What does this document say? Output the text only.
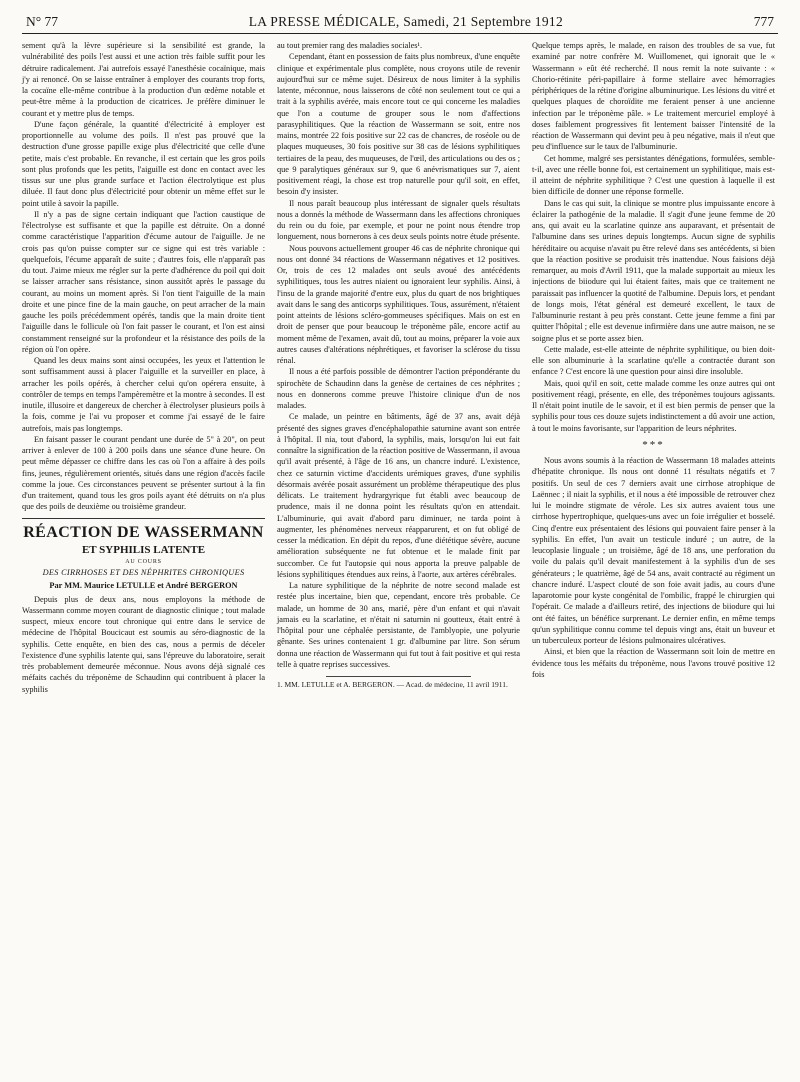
N° 77	LA PRESSE MÉDICALE, Samedi, 21 Septembre 1912	777

sement qu'à la lèvre supérieure si la sensibilité est grande, la vulnérabilité des poils l'est aussi et une action très faible suffit pour les détruire radicalement. J'ai autrefois essayé l'anesthésie cocaïnique, mais j'y ai renoncé. On se laisse entraîner à employer des courants trop forts, la cocaïne elle-même contribue à la production d'un œdème notable et peut-être même à la production de cicatrices. Je préfère diminuer le courant et y mettre plus de temps.

D'une façon générale, la quantité d'électricité à employer est proportionnelle au volume des poils. Il n'est pas prouvé que la destruction d'une grosse papille exige plus d'électricité que celle d'une petite, mais c'est probable. En revanche, il est certain que les gros poils sont plus profonds que les petits, l'aiguille est donc en contact avec les tissus sur une plus grande surface et l'action électrolytique est plus diluée. Il faut donc plus d'électricité pour obtenir un même effet sur le point utile à savoir la papille.

Il n'y a pas de signe certain indiquant que l'action caustique de l'électrolyse est suffisante et que la papille est détruite. On a donné comme caractéristique l'apparition d'écume autour de l'aiguille. Je ne crois pas qu'on puisse compter sur ce signe qui est très variable : quelquefois, l'écume apparaît de suite ; d'autres fois, elle n'apparaît pas du tout. J'aime mieux me régler sur la perte d'adhérence du poil qui doit se laisser arracher sans résistance, sinon aussitôt après le passage du courant, au moins un moment après. Si l'on tient l'aiguille de la main droite et une pince fine de la main gauche, on peut arracher de la main gauche les poils précédemment opérés, tandis que la main droite tient l'aiguille dans le follicule où l'on fait passer le courant, et l'on est ainsi constamment renseigné sur la profondeur et la résistance des poils de la région où l'on opère.

Quand les deux mains sont ainsi occupées, les yeux et l'attention le sont suffisamment aussi à placer l'aiguille et la surveiller en place, à arracher les poils opérés, à chercher celui qu'on opérera ensuite, à contrôler de temps en temps l'ampèremètre et la montre à secondes. Il est inutile, illusoire et dangereux de chercher à électrolyser plusieurs poils à la fois, comme je l'ai vu proposer et comme j'ai essayé de le faire autrefois, mais pas longtemps.

En faisant passer le courant pendant une durée de 5" à 20", on peut arriver à enlever de 100 à 200 poils dans une séance d'une heure. On peut même dépasser ce chiffre dans les cas où l'on a affaire à des poils fins, jeunes, régulièrement orientés, situés dans une région d'accès facile comme la joue. Ces circonstances peuvent se présenter surtout à la fin d'un traitement, quand tous les gros poils ayant été détruits on n'a plus que des poils de deuxième ou troisième grandeur.

RÉACTION DE WASSERMANN
ET SYPHILIS LATENTE
AU COURS
DES CIRRHOSES ET DES NÉPHRITES CHRONIQUES
Par MM. Maurice LETULLE et André BERGERON

Depuis plus de deux ans, nous employons la méthode de Wassermann comme moyen courant de diagnostic clinique ; tout malade suspect, mieux encore tout chronique qui entre dans le service de médecine de l'hôpital Boucicaut est soumis au séro-diagnostic de la syphilis. Cette enquête, en bien des cas, nous a permis de déceler l'existence d'une syphilis latente qui, sans l'épreuve du laboratoire, serait très probablement demeurée méconnue. Nous avons déjà signalé ces méfaits cachés du tréponème de Schaudinn qui contribuent à placer la syphilis

au tout premier rang des maladies sociales¹.

Cependant, étant en possession de faits plus nombreux, d'une enquête clinique et expérimentale plus complète, nous croyons utile de revenir aujourd'hui sur ce même sujet. Désireux de nous limiter à la syphilis latente, méconnue, nous laisserons de côté non seulement tout ce qui a trait à la syphilis avérée, mais encore tout ce qui concerne les maladies que l'on a coutume de grouper sous le nom d'affections parasyphilitiques. Que la réaction de Wassermann se soit, entre nos mains, montrée 22 fois positive sur 22 cas de chancres, de roséole ou de plaques muqueuses, 30 fois positive sur 38 cas de lésions syphilitiques tertiaires de la peau, des muqueuses, de l'œil, des articulations ou des os ; que 9 paralytiques généraux sur 9, que 6 anévrismatiques sur 7, aient positivement réagi, la chose est trop naturelle pour qu'il soit, en effet, besoin d'y insister.

Il nous paraît beaucoup plus intéressant de signaler quels résultats nous a donnés la méthode de Wassermann dans les affections chroniques du rein ou du foie, par exemple, et pour ne point nous étendre trop longuement, nous bornerons à ces deux seuls points notre étude présente.

Nous pouvons actuellement grouper 46 cas de néphrite chronique qui nous ont donné 34 réactions de Wassermann négatives et 12 positives. Or, trois de ces 12 malades ont seuls avoué des antécédents syphilitiques, tous les autres niaient ou ignoraient leur syphilis. Ainsi, à l'insu de la grande majorité d'entre eux, plus du quart de nos brightiques avait dans le sang des anticorps syphilitiques. Tous, assurément, n'étaient point atteints de lésions scléro-gommeuses spécifiques. Mais on est en droit de penser que pour beaucoup le tréponème pâle, encore actif au moment même de l'examen, avait dû, tout au moins, préparer la voie aux autres causes d'altérations néphrétiques, et favoriser la sclérose du tissu rénal.

Il nous a été parfois possible de démontrer l'action prépondérante du spirochète de Schaudinn dans la genèse de certaines de ces néphrites ; nous en donnerons comme preuve l'histoire clinique d'un de nos malades.

Ce malade, un peintre en bâtiments, âgé de 37 ans, avait déjà présenté des signes graves d'encéphalopathie saturnine avant son entrée à l'hôpital. Il nia, tout d'abord, la syphilis, mais, lorsqu'on lui eut fait connaître la signification de la réaction positive de Wassermann, il avoua qu'il avait présenté, à l'âge de 16 ans, un chancre induré. L'existence, chez ce saturnin victime d'accidents urémiques graves, d'une syphilis désormais avérée posait assurément un problème thérapeutique des plus délicats. Le traitement hydrargyrique fut établi avec beaucoup de prudence, mais il ne donna point les résultats qu'on en attendait. L'albuminurie, qui avait d'abord paru diminuer, ne tarda point à augmenter, les phénomènes nerveux réapparurent, et on fut obligé de cesser la médication. En dépit du repos, d'une diététique sévère, aucune amélioration subséquente ne fut obtenue et le malade finit par succomber. Ce fut l'autopsie qui nous apporta la preuve palpable de lésions syphilitiques étendues aux reins, à l'aorte, aux artères cérébrales.

La nature syphilitique de la néphrite de notre second malade est restée plus incertaine, bien que, cependant, encore très probable. Ce malade, un homme de 30 ans, marié, père d'un enfant et qui n'avait jamais eu la scarlatine, et n'était ni saturnin ni goutteux, était entré à l'hôpital pour une céphalée persistante, de l'amblyopie, une polyurie gênante. Ses urines contenaient 1 gr. d'albumine par litre. Son sérum donna une réaction de Wassermann qui fut tout à fait positive et qui resta telle à quatre reprises successives.

1. MM. LETULLE et A. BERGERON. — Acad. de médecine, 11 avril 1911.

Quelque temps après, le malade, en raison des troubles de sa vue, fut examiné par notre confrère M. Wuillomenet, qui ignorait que le « Wassermann » eût été recherché. Il nous remit la note suivante : « Chorio-rétinite péri-papillaire à forme stellaire avec hémorragies périphériques de la rétine d'origine albuminurique. Les lésions du vitré et quelques plaques de choroïdite me feraient penser à une ancienne infection par le tréponème pâle. » Le traitement mercuriel employé à doses faiblement progressives fit lentement baisser l'intensité de la réaction de Wassermann qui devint peu à peu négative, mais il n'eut que peu d'influence sur le taux de l'albuminurie.

Cet homme, malgré ses persistantes dénégations, formulées, semble-t-il, avec une réelle bonne foi, est certainement un syphilitique, mais est-il atteint de néphrite syphilitique ? C'est une question à laquelle il est bien difficile de donner une réponse formelle.

Dans le cas qui suit, la clinique se montre plus impuissante encore à éclairer la pathogénie de la maladie. Il s'agit d'une jeune femme de 20 ans, qui avait eu la scarlatine quinze ans auparavant, et présentait de l'albumine dans ses urines depuis longtemps. Aucun signe de syphilis héréditaire ou acquise n'avait pu être relevé dans ses antécédents, si bien que la réaction positive se produisit très inattendue. Nous faisions déjà remarquer, au mois d'Avril 1911, que la malade supportait au mieux les injections de biiodure qui lui étaient faites, mais que ce traitement ne paraissait pas influencer la quotité de l'albumine. Depuis lors, et pendant de longs mois, l'état général est demeuré excellent, le taux de l'albuminurie restant à peu près constant. Cette jeune femme a fini par quitter l'hôpital ; elle est devenue infirmière dans une autre maison, ne se soigne plus et se porte assez bien.

Cette malade, est-elle atteinte de néphrite syphilitique, ou bien doit-elle son albuminurie à la scarlatine qu'elle a contractée durant son enfance ? C'est encore là une question pour ainsi dire insoluble.

Mais, quoi qu'il en soit, cette malade comme les onze autres qui ont positivement réagi, présente, en elle, des tréponèmes toujours agissants. Il n'était point inutile de le savoir, et il est bien permis de penser que la syphilis pour tous ces douze sujets indistinctement a dû avoir une action, à tout le moins favorisante, sur l'apparition de leurs néphrites.

***

Nous avons soumis à la réaction de Wassermann 18 malades atteints d'hépatite chronique. Ils nous ont donné 11 résultats négatifs et 7 positifs. Un seul de ces 7 derniers avait une cirrhose atrophique de Laënnec ; il niait la syphilis, et il nous a été impossible de retrouver chez lui le moindre stigmate de vérole. Les six autres avaient tous une cirrhose hypertrophique, quelques-uns avec un foie irrégulier et bosselé. Cinq d'entre eux présentaient des lésions qui pouvaient faire penser à la syphilis. En effet, l'un avait un testicule induré ; un autre, de la leucoplasie linguale ; un troisième, âgé de 18 ans, une perforation du voile du palais qu'il devait manifestement à la syphilis d'un de ses générateurs ; le quatrième, âgé de 54 ans, avait contracté au régiment un chancre induré. L'aspect clouté de son foie avait jadis, au cours d'une laparotomie pour kyste congénital de l'ombilic, frappé le chirurgien qui l'opérait. Ce malade a d'ailleurs retiré, des injections de biiodure qui lui ont été faites, un bénéfice surprenant. Le dernier enfin, en même temps qu'un syphilitique connu comme tel depuis vingt ans, était un buveur et un tuberculeux porteur de lésions pulmonaires ulcératives.

Ainsi, et bien que la réaction de Wassermann soit loin de mettre en évidence tous les méfaits du tréponème, nous l'avons trouvé positive 12 fois
